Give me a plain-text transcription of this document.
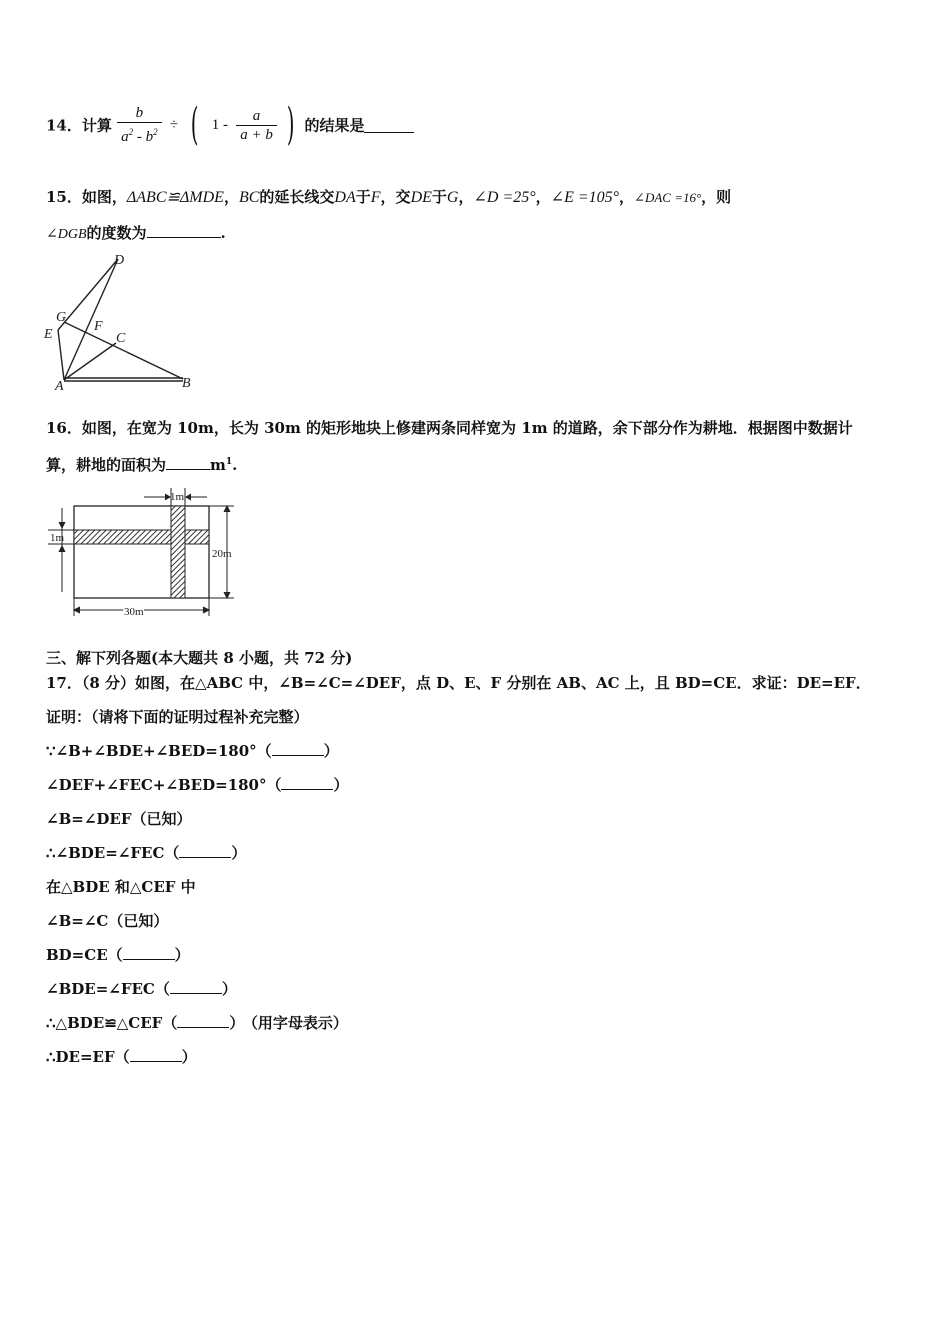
14．计算 $\frac{b}{a^2 - b^2}$ ÷ ( $1 - \frac{a}{a + b}$ ) 的结果是
15．如图，ΔABC≌ΔMDE，BC的延长线交DA于F，交DE于G，∠D =25°，∠E =105°，∠DAC =16°，则
∠DGB的度数为	.
D
G
F
E	C
A	B
16．如图，在宽为 10m，长为 30m 的矩形地块上修建两条同样宽为 1m 的道路，余下部分作为耕地．根据图中数据计
算，耕地的面积为	$m^1$.
1m
1m
20m
30m
三、解下列各题(本大题共 8 小题，共 72 分)
17．（8 分）如图，在△ABC 中，∠B=∠C=∠DEF，点 D、E、F 分别在 AB、AC 上，且 BD=CE．求证：DE=EF．
证明：（请将下面的证明过程补充完整）
∵∠B+∠BDE+∠BED=180°（	）
∠DEF+∠FEC+∠BED=180°（	）
∠B=∠DEF（已知）
∴∠BDE=∠FEC（	）
在△BDE 和△CEF 中
∠B=∠C（已知）
BD=CE（	）
∠BDE=∠FEC（	）
∴△BDE≌△CEF（	） （用字母表示）
∴DE=EF（	）
